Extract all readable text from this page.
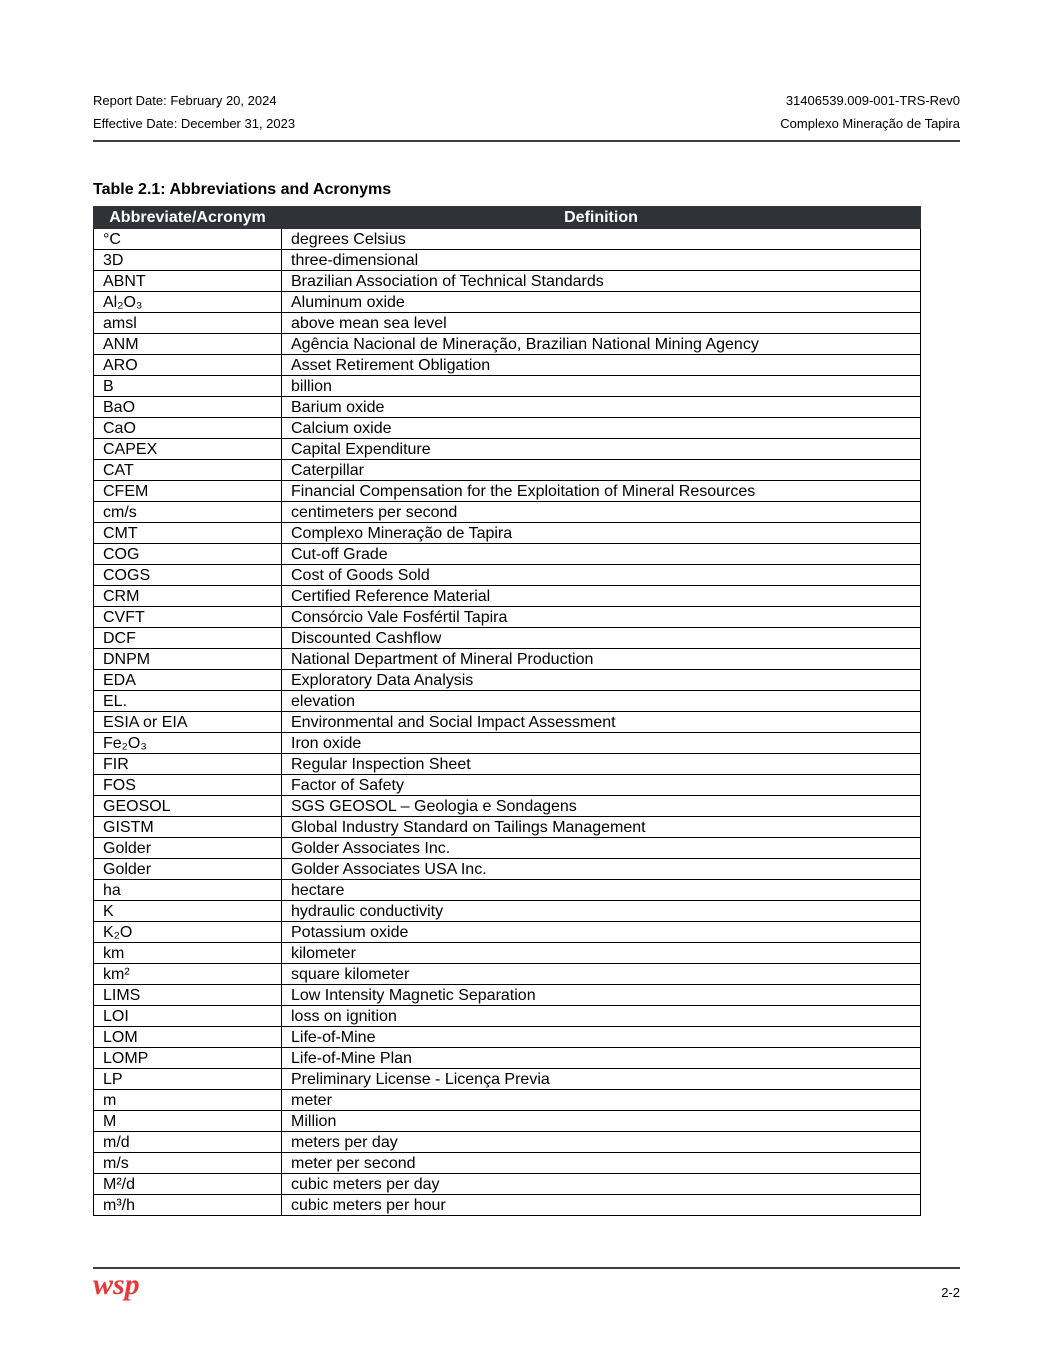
Report Date: February 20, 2024	31406539.009-001-TRS-Rev0
Effective Date: December 31, 2023	Complexo Mineração de Tapira
Table 2.1: Abbreviations and Acronyms
Abbreviate/Acronym	Definition
°C	degrees Celsius
3D	three-dimensional
ABNT	Brazilian Association of Technical Standards
Al₂O₃	Aluminum oxide
amsl	above mean sea level
ANM	Agência Nacional de Mineração, Brazilian National Mining Agency
ARO	Asset Retirement Obligation
B	billion
BaO	Barium oxide
CaO	Calcium oxide
CAPEX	Capital Expenditure
CAT	Caterpillar
CFEM	Financial Compensation for the Exploitation of Mineral Resources
cm/s	centimeters per second
CMT	Complexo Mineração de Tapira
COG	Cut-off Grade
COGS	Cost of Goods Sold
CRM	Certified Reference Material
CVFT	Consórcio Vale Fosfértil Tapira
DCF	Discounted Cashflow
DNPM	National Department of Mineral Production
EDA	Exploratory Data Analysis
EL.	elevation
ESIA or EIA	Environmental and Social Impact Assessment
Fe₂O₃	Iron oxide
FIR	Regular Inspection Sheet
FOS	Factor of Safety
GEOSOL	SGS GEOSOL – Geologia e Sondagens
GISTM	Global Industry Standard on Tailings Management
Golder	Golder Associates Inc.
Golder	Golder Associates USA Inc.
ha	hectare
K	hydraulic conductivity
K₂O	Potassium oxide
km	kilometer
km²	square kilometer
LIMS	Low Intensity Magnetic Separation
LOI	loss on ignition
LOM	Life-of-Mine
LOMP	Life-of-Mine Plan
LP	Preliminary License - Licença Previa
m	meter
M	Million
m/d	meters per day
m/s	meter per second
M²/d	cubic meters per day
m³/h	cubic meters per hour
wsp	2-2
